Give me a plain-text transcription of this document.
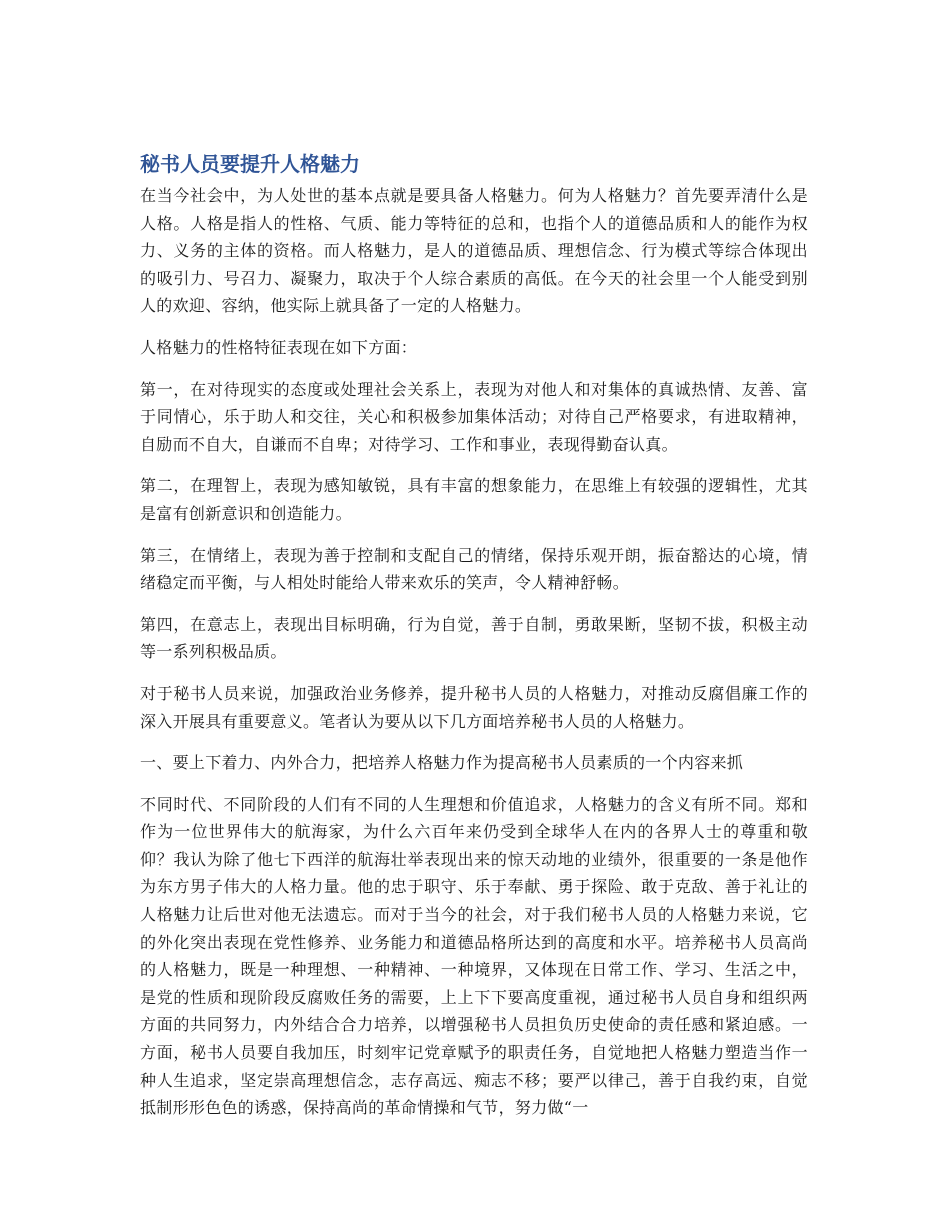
秘书人员要提升人格魅力

在当今社会中，为人处世的基本点就是要具备人格魅力。何为人格魅力？首先要弄清什么是人格。人格是指人的性格、气质、能力等特征的总和，也指个人的道德品质和人的能作为权力、义务的主体的资格。而人格魅力，是人的道德品质、理想信念、行为模式等综合体现出的吸引力、号召力、凝聚力，取决于个人综合素质的高低。在今天的社会里一个人能受到别人的欢迎、容纳，他实际上就具备了一定的人格魅力。

人格魅力的性格特征表现在如下方面：

第一，在对待现实的态度或处理社会关系上，表现为对他人和对集体的真诚热情、友善、富于同情心，乐于助人和交往，关心和积极参加集体活动；对待自己严格要求，有进取精神，自励而不自大，自谦而不自卑；对待学习、工作和事业，表现得勤奋认真。

第二，在理智上，表现为感知敏锐，具有丰富的想象能力，在思维上有较强的逻辑性，尤其是富有创新意识和创造能力。

第三，在情绪上，表现为善于控制和支配自己的情绪，保持乐观开朗，振奋豁达的心境，情绪稳定而平衡，与人相处时能给人带来欢乐的笑声，令人精神舒畅。

第四，在意志上，表现出目标明确，行为自觉，善于自制，勇敢果断，坚韧不拔，积极主动等一系列积极品质。

对于秘书人员来说，加强政治业务修养，提升秘书人员的人格魅力，对推动反腐倡廉工作的深入开展具有重要意义。笔者认为要从以下几方面培养秘书人员的人格魅力。

一、要上下着力、内外合力，把培养人格魅力作为提高秘书人员素质的一个内容来抓

不同时代、不同阶段的人们有不同的人生理想和价值追求，人格魅力的含义有所不同。郑和作为一位世界伟大的航海家，为什么六百年来仍受到全球华人在内的各界人士的尊重和敬仰？我认为除了他七下西洋的航海壮举表现出来的惊天动地的业绩外，很重要的一条是他作为东方男子伟大的人格力量。他的忠于职守、乐于奉献、勇于探险、敢于克敌、善于礼让的人格魅力让后世对他无法遗忘。而对于当今的社会，对于我们秘书人员的人格魅力来说，它的外化突出表现在党性修养、业务能力和道德品格所达到的高度和水平。培养秘书人员高尚的人格魅力，既是一种理想、一种精神、一种境界，又体现在日常工作、学习、生活之中，是党的性质和现阶段反腐败任务的需要，上上下下要高度重视，通过秘书人员自身和组织两方面的共同努力，内外结合合力培养，以增强秘书人员担负历史使命的责任感和紧迫感。一方面，秘书人员要自我加压，时刻牢记党章赋予的职责任务，自觉地把人格魅力塑造当作一种人生追求，坚定崇高理想信念，志存高远、痴志不移；要严以律己，善于自我约束，自觉抵制形形色色的诱惑，保持高尚的革命情操和气节，努力做“一
